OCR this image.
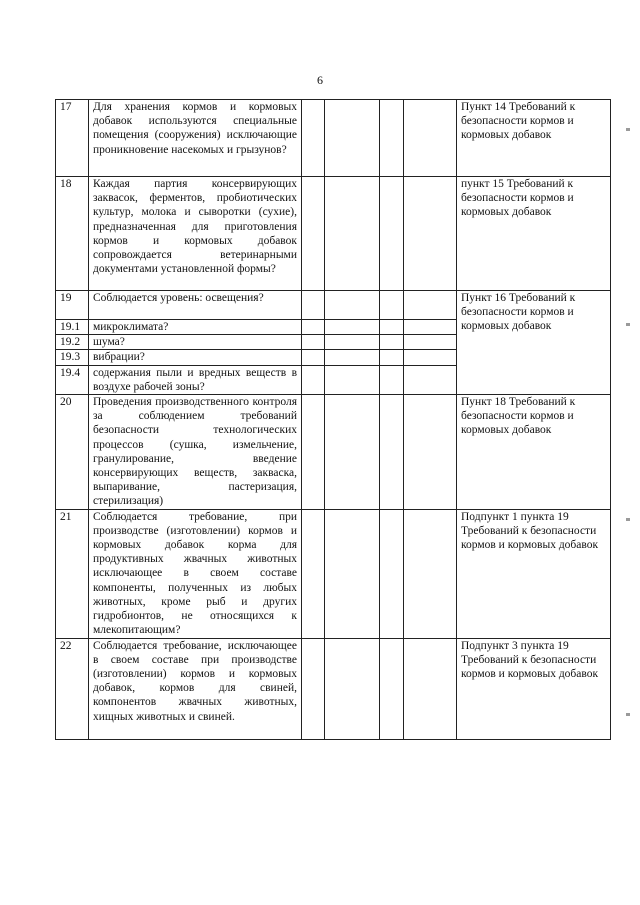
6
17	Для хранения кормов и кормовых добавок используются специальные помещения (сооружения) исключающие проникновение насекомых и грызунов?					Пункт 14 Требований к безопасности кормов и кормовых добавок
18	Каждая партия консервирующих заквасок, ферментов, пробиотических культур, молока и сыворотки (сухие), предназначенная для приготовления кормов и кормовых добавок сопровождается ветеринарными документами установленной формы?					пункт 15 Требований к безопасности кормов и кормовых добавок
19	Соблюдается уровень: освещения?					Пункт 16 Требований к безопасности кормов и кормовых добавок
19.1	микроклимата?					
19.2	шума?					
19.3	вибрации?					
19.4	содержания пыли и вредных веществ в воздухе рабочей зоны?					
20	Проведения производственного контроля за соблюдением требований безопасности технологических процессов (сушка, измельчение, гранулирование, введение консервирующих веществ, закваска, выпаривание, пастеризация, стерилизация)					Пункт 18 Требований к безопасности кормов и кормовых добавок
21	Соблюдается требование, при производстве (изготовлении) кормов и кормовых добавок корма для продуктивных жвачных животных исключающее в своем составе компоненты, полученных из любых животных, кроме рыб и других гидробионтов, не относящихся к млекопитающим?					Подпункт 1 пункта 19 Требований к безопасности кормов и кормовых добавок
22	Соблюдается требование, исключающее в своем составе при производстве (изготовлении) кормов и кормовых добавок, кормов для свиней, компонентов жвачных животных, хищных животных и свиней.					Подпункт 3 пункта 19 Требований к безопасности кормов и кормовых добавок
